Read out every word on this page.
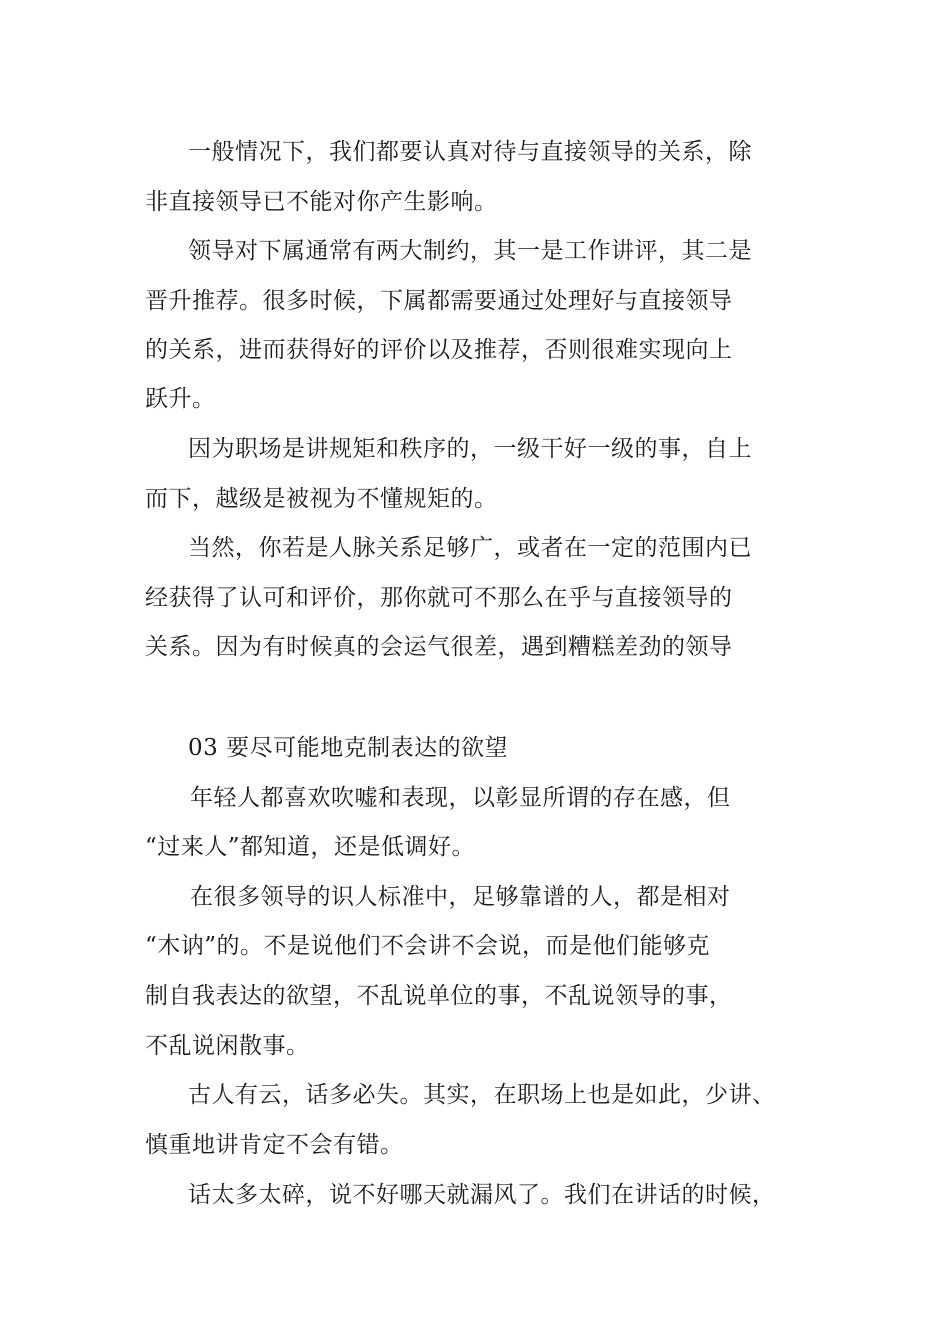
一般情况下，我们都要认真对待与直接领导的关系，除
非直接领导已不能对你产生影响。
领导对下属通常有两大制约，其一是工作讲评，其二是
晋升推荐。很多时候，下属都需要通过处理好与直接领导
的关系，进而获得好的评价以及推荐，否则很难实现向上
跃升。
因为职场是讲规矩和秩序的，一级干好一级的事，自上
而下，越级是被视为不懂规矩的。
当然，你若是人脉关系足够广，或者在一定的范围内已
经获得了认可和评价，那你就可不那么在乎与直接领导的
关系。因为有时候真的会运气很差，遇到糟糕差劲的领导
03 要尽可能地克制表达的欲望
年轻人都喜欢吹嘘和表现，以彰显所谓的存在感，但
“过来人”都知道，还是低调好。
在很多领导的识人标准中，足够靠谱的人，都是相对
“木讷”的。不是说他们不会讲不会说，而是他们能够克
制自我表达的欲望，不乱说单位的事，不乱说领导的事，
不乱说闲散事。
古人有云，话多必失。其实，在职场上也是如此，少讲、
慎重地讲肯定不会有错。
话太多太碎，说不好哪天就漏风了。我们在讲话的时候，
